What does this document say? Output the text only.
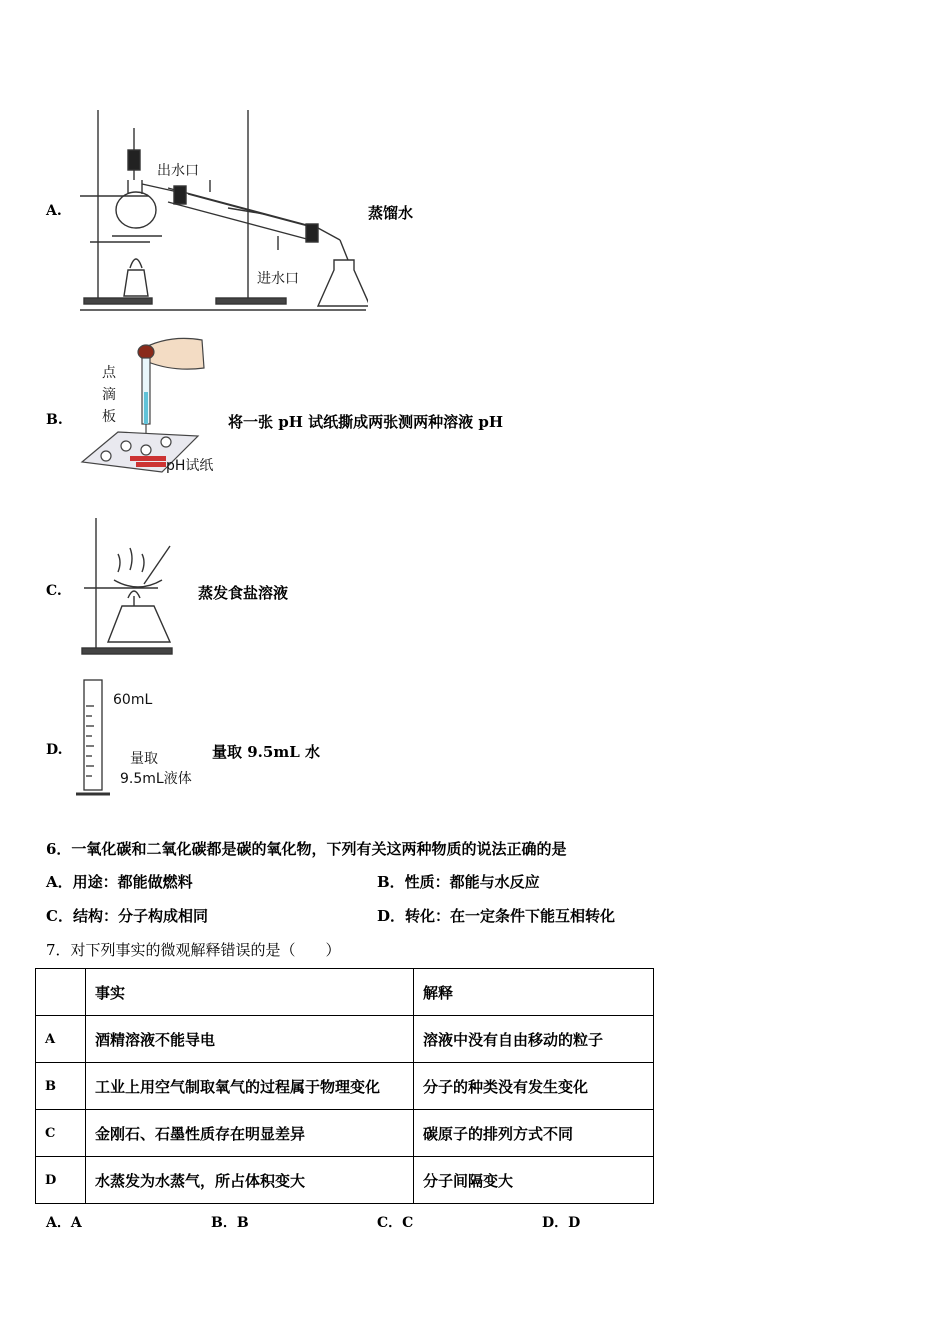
A.
出水口
进水口
蒸馏水
B.
点
滴
板
pH试纸
将一张 pH 试纸撕成两张测两种溶液 pH
C.	蒸发食盐溶液
D.
60mL
量取
9.5mL液体
量取 9.5mL 水
6．一氧化碳和二氧化碳都是碳的氧化物，下列有关这两种物质的说法正确的是
A．用途：都能做燃料	B．性质：都能与水反应
C．结构：分子构成相同	D．转化：在一定条件下能互相转化
7．对下列事实的微观解释错误的是（　　）
	事实	解释
A	酒精溶液不能导电	溶液中没有自由移动的粒子
B	工业上用空气制取氧气的过程属于物理变化	分子的种类没有发生变化
C	金刚石、石墨性质存在明显差异	碳原子的排列方式不同
D	水蒸发为水蒸气，所占体积变大	分子间隔变大
A．A	B．B	C．C	D．D
